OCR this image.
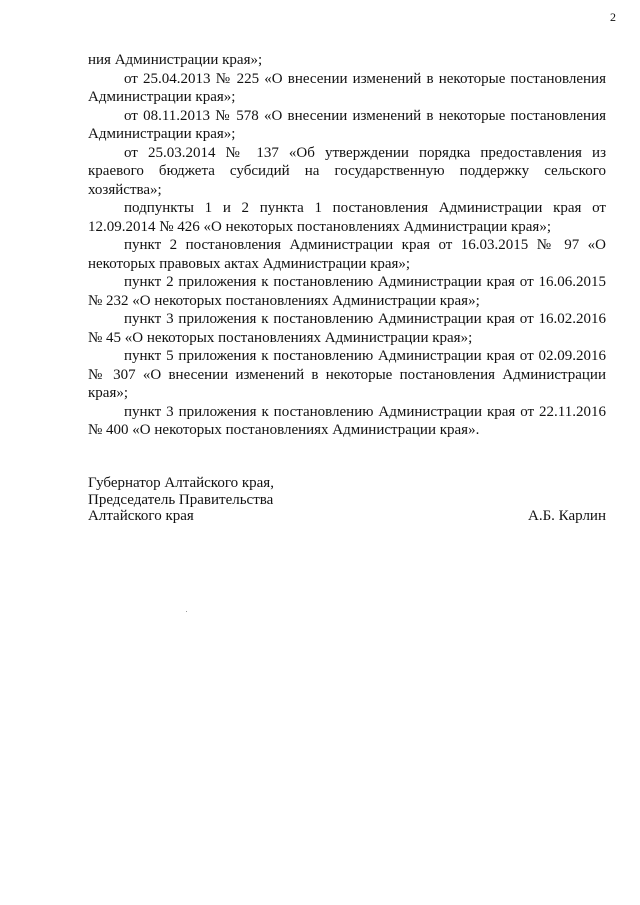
2

ния Администрации края»;

от 25.04.2013 № 225 «О внесении изменений в некоторые постановления Администрации края»;

от 08.11.2013 № 578 «О внесении изменений в некоторые постановления Администрации края»;

от 25.03.2014 № 137 «Об утверждении порядка предоставления из краевого бюджета субсидий на государственную поддержку сельского хозяйства»;

подпункты 1 и 2 пункта 1 постановления Администрации края от 12.09.2014 № 426 «О некоторых постановлениях Администрации края»;

пункт 2 постановления Администрации края от 16.03.2015 № 97 «О некоторых правовых актах Администрации края»;

пункт 2 приложения к постановлению Администрации края от 16.06.2015 № 232 «О некоторых постановлениях Администрации края»;

пункт 3 приложения к постановлению Администрации края от 16.02.2016 № 45 «О некоторых постановлениях Администрации края»;

пункт 5 приложения к постановлению Администрации края от 02.09.2016 № 307 «О внесении изменений в некоторые постановления Администрации края»;

пункт 3 приложения к постановлению Администрации края от 22.11.2016 № 400 «О некоторых постановлениях Администрации края».

Губернатор Алтайского края,
Председатель Правительства
Алтайского края	А.Б. Карлин
